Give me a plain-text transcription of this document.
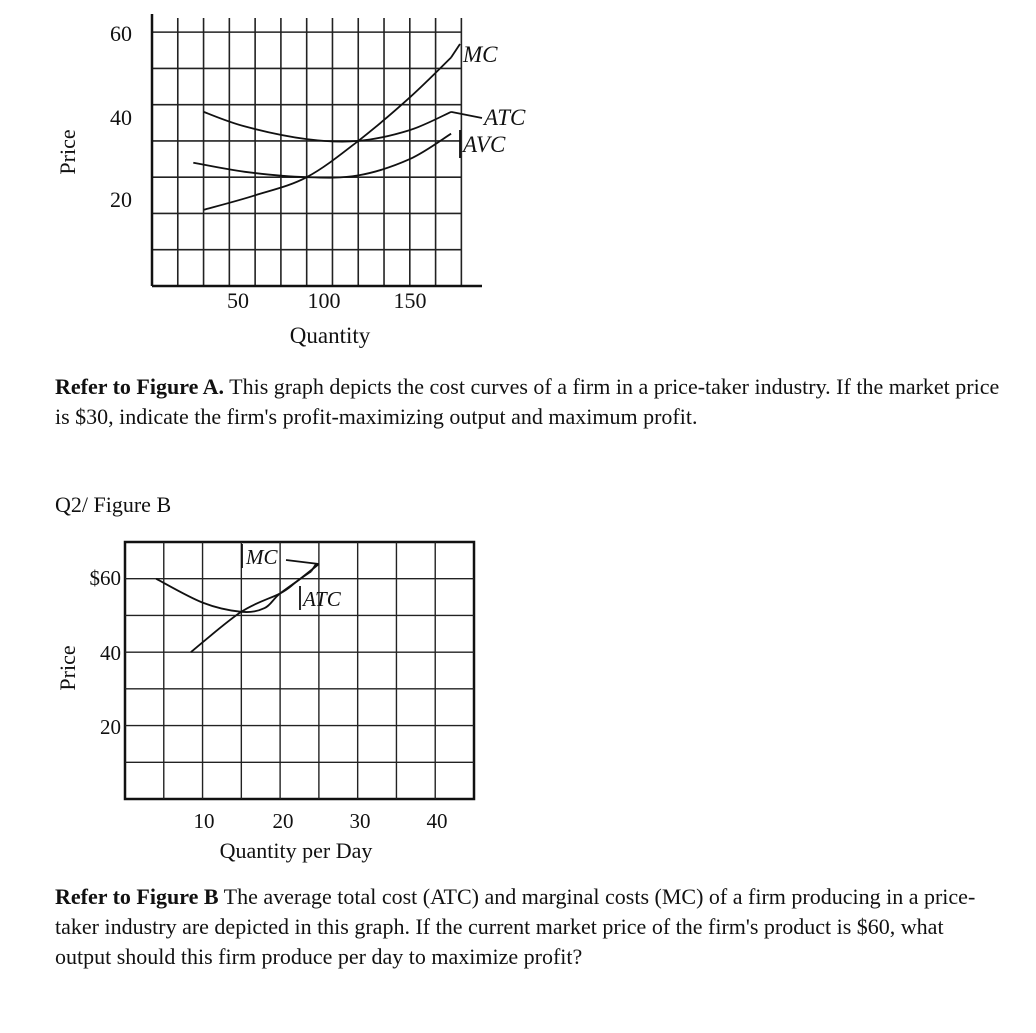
60
40
20
50	100 150
Quantity
Price
MC
ATC
AVC

Refer to Figure A. This graph depicts the cost curves of a firm in a price-taker industry. If the market price is $30, indicate the firm's profit-maximizing output and maximum profit.

Q2/ Figure B
$60
40
20
10	20	30	40
Quantity per Day
Price
MC
ATC

Refer to Figure B The average total cost (ATC) and marginal costs (MC) of a firm producing in a price-taker industry are depicted in this graph. If the current market price of the firm's product is $60, what output should this firm produce per day to maximize profit?
